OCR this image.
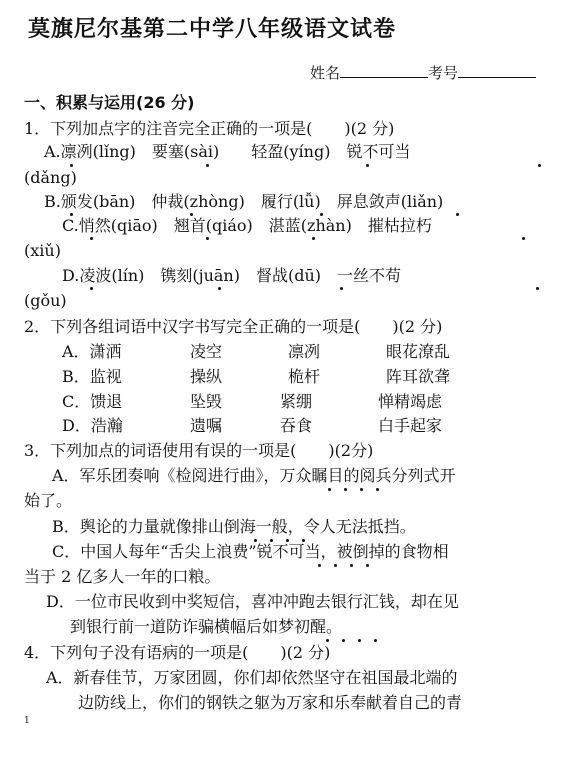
莫旗尼尔基第二中学八年级语文试卷
姓名	考号
一、积累与运用(26 分)
1．下列加点字的注音完全正确的一项是(　　)(2 分)
A.凛冽(lǐng)　要塞(sài)　　轻盈(yíng)　锐不可当
(dǎng)
B.颁发(bān)　仲裁(zhòng)　履行(lǚ)　屏息敛声(liǎn)
C.悄然(qiāo)　翘首(qiáo)　湛蓝(zhàn)　摧枯拉朽
(xiǔ)
D.凌波(lín)　镌刻(juān)　督战(dū)　一丝不苟
(gǒu)
2．下列各组词语中汉字书写完全正确的一项是(　　)(2 分)
A．潇洒	凌空	凛冽	眼花潦乱
B．监视	操纵	桅杆	阵耳欲聋
C．馈退	坠毁	紧绷	惮精竭虑
D．浩瀚	遗嘱	吞食	白手起家
3．下列加点的词语使用有误的一项是(　　)(2分)
A．军乐团奏响《检阅进行曲》，万众瞩目的阅兵分列式开
始了。
B．舆论的力量就像排山倒海一般，令人无法抵挡。
C．中国人每年“舌尖上浪费”锐不可当，被倒掉的食物相
当于 2 亿多人一年的口粮。
D．一位市民收到中奖短信，喜冲冲跑去银行汇钱，却在见
到银行前一道防诈骗横幅后如梦初醒。
4．下列句子没有语病的一项是(　　)(2 分)
A．新春佳节，万家团圆，你们却依然坚守在祖国最北端的
边防线上，你们的钢铁之躯为万家和乐奉献着自己的青
1
